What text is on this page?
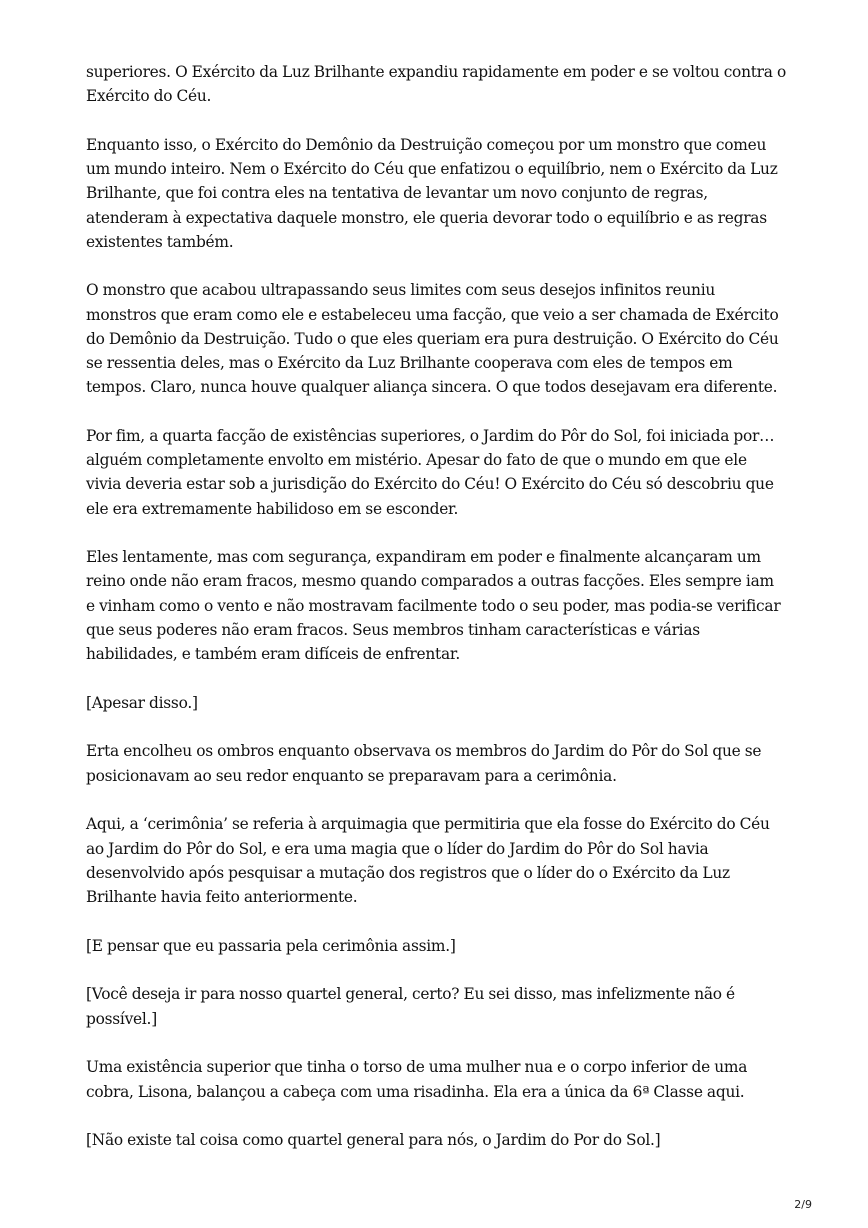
superiores. O Exército da Luz Brilhante expandiu rapidamente em poder e se voltou contra o Exército do Céu.

Enquanto isso, o Exército do Demônio da Destruição começou por um monstro que comeu um mundo inteiro. Nem o Exército do Céu que enfatizou o equilíbrio, nem o Exército da Luz Brilhante, que foi contra eles na tentativa de levantar um novo conjunto de regras, atenderam à expectativa daquele monstro, ele queria devorar todo o equilíbrio e as regras existentes também.

O monstro que acabou ultrapassando seus limites com seus desejos infinitos reuniu monstros que eram como ele e estabeleceu uma facção, que veio a ser chamada de Exército do Demônio da Destruição. Tudo o que eles queriam era pura destruição. O Exército do Céu se ressentia deles, mas o Exército da Luz Brilhante cooperava com eles de tempos em tempos. Claro, nunca houve qualquer aliança sincera. O que todos desejavam era diferente.

Por fim, a quarta facção de existências superiores, o Jardim do Pôr do Sol, foi iniciada por… alguém completamente envolto em mistério. Apesar do fato de que o mundo em que ele vivia deveria estar sob a jurisdição do Exército do Céu! O Exército do Céu só descobriu que ele era extremamente habilidoso em se esconder.

Eles lentamente, mas com segurança, expandiram em poder e finalmente alcançaram um reino onde não eram fracos, mesmo quando comparados a outras facções. Eles sempre iam e vinham como o vento e não mostravam facilmente todo o seu poder, mas podia-se verificar que seus poderes não eram fracos. Seus membros tinham características e várias habilidades, e também eram difíceis de enfrentar.

[Apesar disso.]

Erta encolheu os ombros enquanto observava os membros do Jardim do Pôr do Sol que se posicionavam ao seu redor enquanto se preparavam para a cerimônia.

Aqui, a ‘cerimônia’ se referia à arquimagia que permitiria que ela fosse do Exército do Céu ao Jardim do Pôr do Sol, e era uma magia que o líder do Jardim do Pôr do Sol havia desenvolvido após pesquisar a mutação dos registros que o líder do o Exército da Luz Brilhante havia feito anteriormente.

[E pensar que eu passaria pela cerimônia assim.]

[Você deseja ir para nosso quartel general, certo? Eu sei disso, mas infelizmente não é possível.]

Uma existência superior que tinha o torso de uma mulher nua e o corpo inferior de uma cobra, Lisona, balançou a cabeça com uma risadinha. Ela era a única da 6ª Classe aqui.

[Não existe tal coisa como quartel general para nós, o Jardim do Por do Sol.]

2/9
